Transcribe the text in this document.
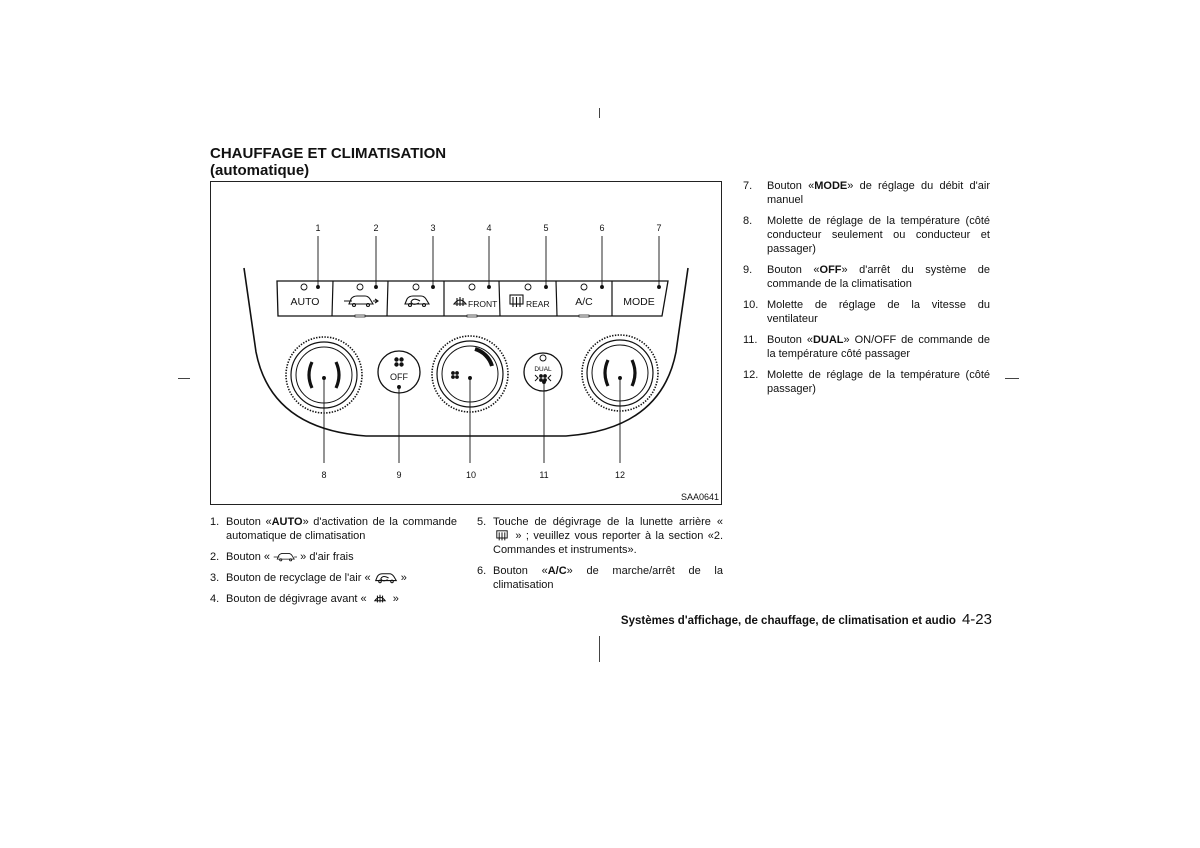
CHAUFFAGE ET CLIMATISATION
(automatique)
AUTO	FRONT	REAR A/C	MODE
OFF
DUAL
1	2	3	4	5	6	7
8	9	10	11	12
SAA0641
1. Bouton «AUTO» d'activation de la commande automatique de climatisation
2. Bouton «	» d'air frais
3. Bouton de recyclage de l'air «	»
4. Bouton de dégivrage avant « »
5. Touche de dégivrage de la lunette arrière «  » ; veuillez vous reporter à la section «2. Commandes et instruments».
6. Bouton «A/C» de marche/arrêt de la climatisation
7. Bouton «MODE» de réglage du débit d'air manuel
8. Molette de réglage de la température (côté conducteur seulement ou conducteur et passager)
9. Bouton «OFF» d'arrêt du système de commande de la climatisation
10. Molette de réglage de la vitesse du ventilateur
11. Bouton «DUAL» ON/OFF de commande de la température côté passager
12. Molette de réglage de la température (côté passager)
Systèmes d'affichage, de chauffage, de climatisation et audio 4-23
